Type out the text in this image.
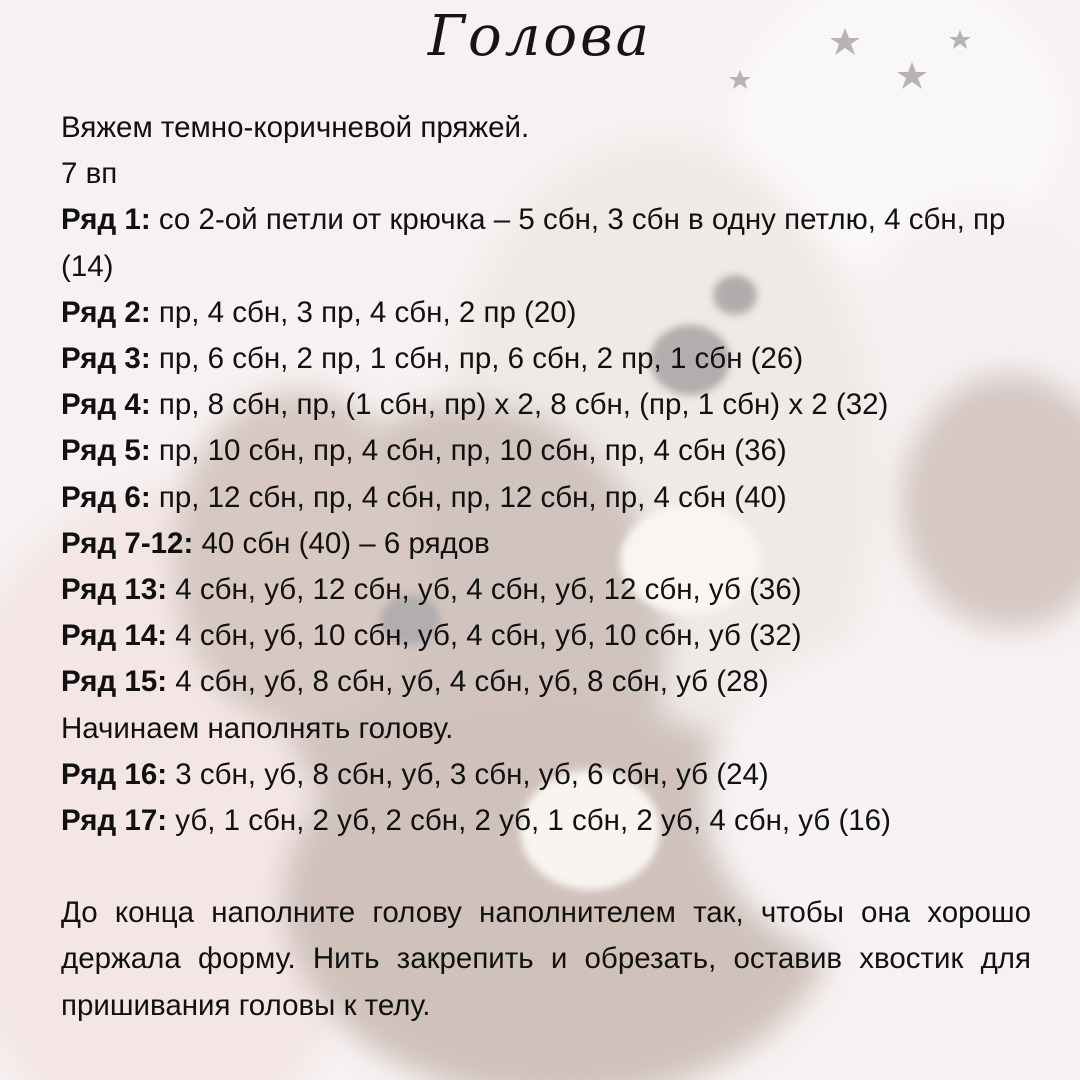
Голова
Вяжем темно-коричневой пряжей.
7 вп
Ряд 1: со 2-ой петли от крючка – 5 сбн, 3 сбн в одну петлю, 4 сбн, пр (14)
Ряд 2: пр, 4 сбн, 3 пр, 4 сбн, 2 пр (20)
Ряд 3: пр, 6 сбн, 2 пр, 1 сбн, пр, 6 сбн, 2 пр, 1 сбн (26)
Ряд 4: пр, 8 сбн, пр, (1 сбн, пр) х 2, 8 сбн, (пр, 1 сбн) х 2 (32)
Ряд 5: пр, 10 сбн, пр, 4 сбн, пр, 10 сбн, пр, 4 сбн (36)
Ряд 6: пр, 12 сбн, пр, 4 сбн, пр, 12 сбн, пр, 4 сбн (40)
Ряд 7-12: 40 сбн (40) – 6 рядов
Ряд 13: 4 сбн, уб, 12 сбн, уб, 4 сбн, уб, 12 сбн, уб (36)
Ряд 14: 4 сбн, уб, 10 сбн, уб, 4 сбн, уб, 10 сбн, уб (32)
Ряд 15: 4 сбн, уб, 8 сбн, уб, 4 сбн, уб, 8 сбн, уб (28)
Начинаем наполнять голову.
Ряд 16: 3 сбн, уб, 8 сбн, уб, 3 сбн, уб, 6 сбн, уб (24)
Ряд 17: уб, 1 сбн, 2 уб, 2 сбн, 2 уб, 1 сбн, 2 уб, 4 сбн, уб (16)
До конца наполните голову наполнителем так, чтобы она хорошо держала форму. Нить закрепить и обрезать, оставив хвостик для пришивания головы к телу.
